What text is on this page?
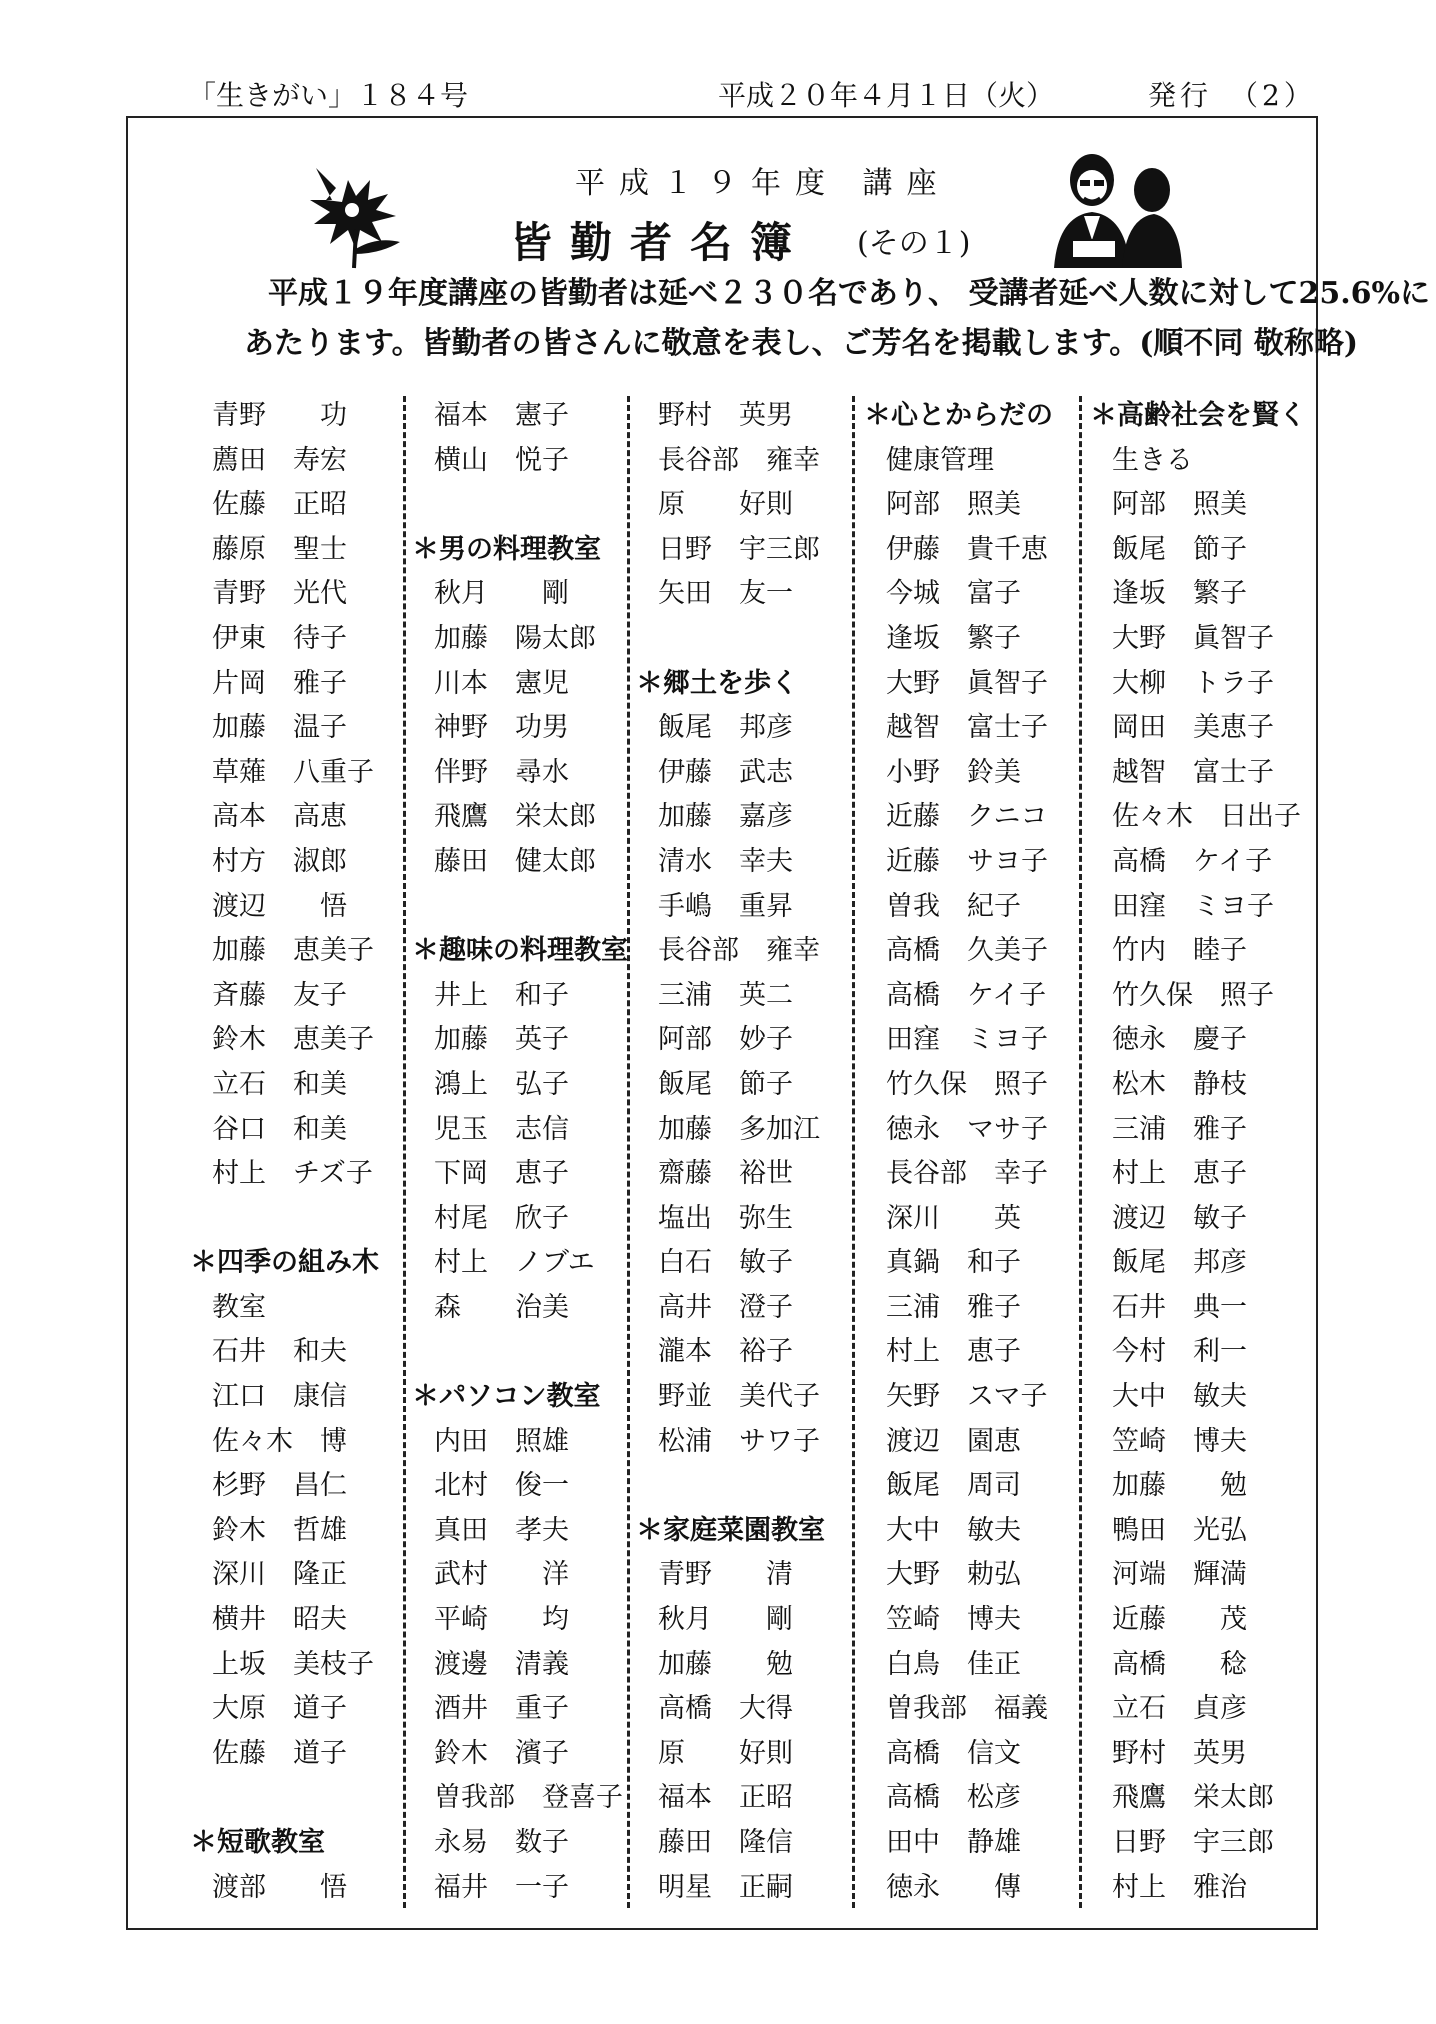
「生きがい」１８４号	平成２０年４月１日（火）	発行　（2）
平成１９年度 講座
皆勤者名簿 (その１)
平成１９年度講座の皆勤者は延べ２３０名であり、 受講者延べ人数に対して25.6%に
あたります。皆勤者の皆さんに敬意を表し、ご芳名を掲載します。(順不同 敬称略)
青野　　功
薦田　寿宏
佐藤　正昭
藤原　聖士
青野　光代
伊東　待子
片岡　雅子
加藤　温子
草薙　八重子
高本　高恵
村方　淑郎
渡辺　　悟
加藤　恵美子
斉藤　友子
鈴木　恵美子
立石　和美
谷口　和美
村上　チズ子
＊四季の組み木
教室
石井　和夫
江口　康信
佐々木　博
杉野　昌仁
鈴木　哲雄
深川　隆正
横井　昭夫
上坂　美枝子
大原　道子
佐藤　道子
＊短歌教室
渡部　　悟
福本　憲子
横山　悦子
＊男の料理教室
秋月　　剛
加藤　陽太郎
川本　憲児
神野　功男
伴野　尋水
飛鷹　栄太郎
藤田　健太郎
＊趣味の料理教室
井上　和子
加藤　英子
鴻上　弘子
児玉　志信
下岡　恵子
村尾　欣子
村上　ノブエ
森　　治美
＊パソコン教室
内田　照雄
北村　俊一
真田　孝夫
武村　　洋
平崎　　均
渡邊　清義
酒井　重子
鈴木　濱子
曽我部　登喜子
永易　数子
福井　一子
野村　英男
長谷部　雍幸
原　　好則
日野　宇三郎
矢田　友一
＊郷土を歩く
飯尾　邦彦
伊藤　武志
加藤　嘉彦
清水　幸夫
手嶋　重昇
長谷部　雍幸
三浦　英二
阿部　妙子
飯尾　節子
加藤　多加江
齋藤　裕世
塩出　弥生
白石　敏子
高井　澄子
瀧本　裕子
野並　美代子
松浦　サワ子
＊家庭菜園教室
青野　　清
秋月　　剛
加藤　　勉
高橋　大得
原　　好則
福本　正昭
藤田　隆信
明星　正嗣
＊心とからだの
健康管理
阿部　照美
伊藤　貴千恵
今城　富子
逢坂　繁子
大野　眞智子
越智　富士子
小野　鈴美
近藤　クニコ
近藤　サヨ子
曽我　紀子
高橋　久美子
高橋　ケイ子
田窪　ミヨ子
竹久保　照子
徳永　マサ子
長谷部　幸子
深川　　英
真鍋　和子
三浦　雅子
村上　恵子
矢野　スマ子
渡辺　園恵
飯尾　周司
大中　敏夫
大野　勅弘
笠崎　博夫
白鳥　佳正
曽我部　福義
高橋　信文
高橋　松彦
田中　静雄
徳永　　傳
＊高齢社会を賢く
生きる
阿部　照美
飯尾　節子
逢坂　繁子
大野　眞智子
大柳　トラ子
岡田　美恵子
越智　富士子
佐々木　日出子
高橋　ケイ子
田窪　ミヨ子
竹内　睦子
竹久保　照子
徳永　慶子
松木　静枝
三浦　雅子
村上　恵子
渡辺　敏子
飯尾　邦彦
石井　典一
今村　利一
大中　敏夫
笠崎　博夫
加藤　　勉
鴨田　光弘
河端　輝満
近藤　　茂
高橋　　稔
立石　貞彦
野村　英男
飛鷹　栄太郎
日野　宇三郎
村上　雅治
